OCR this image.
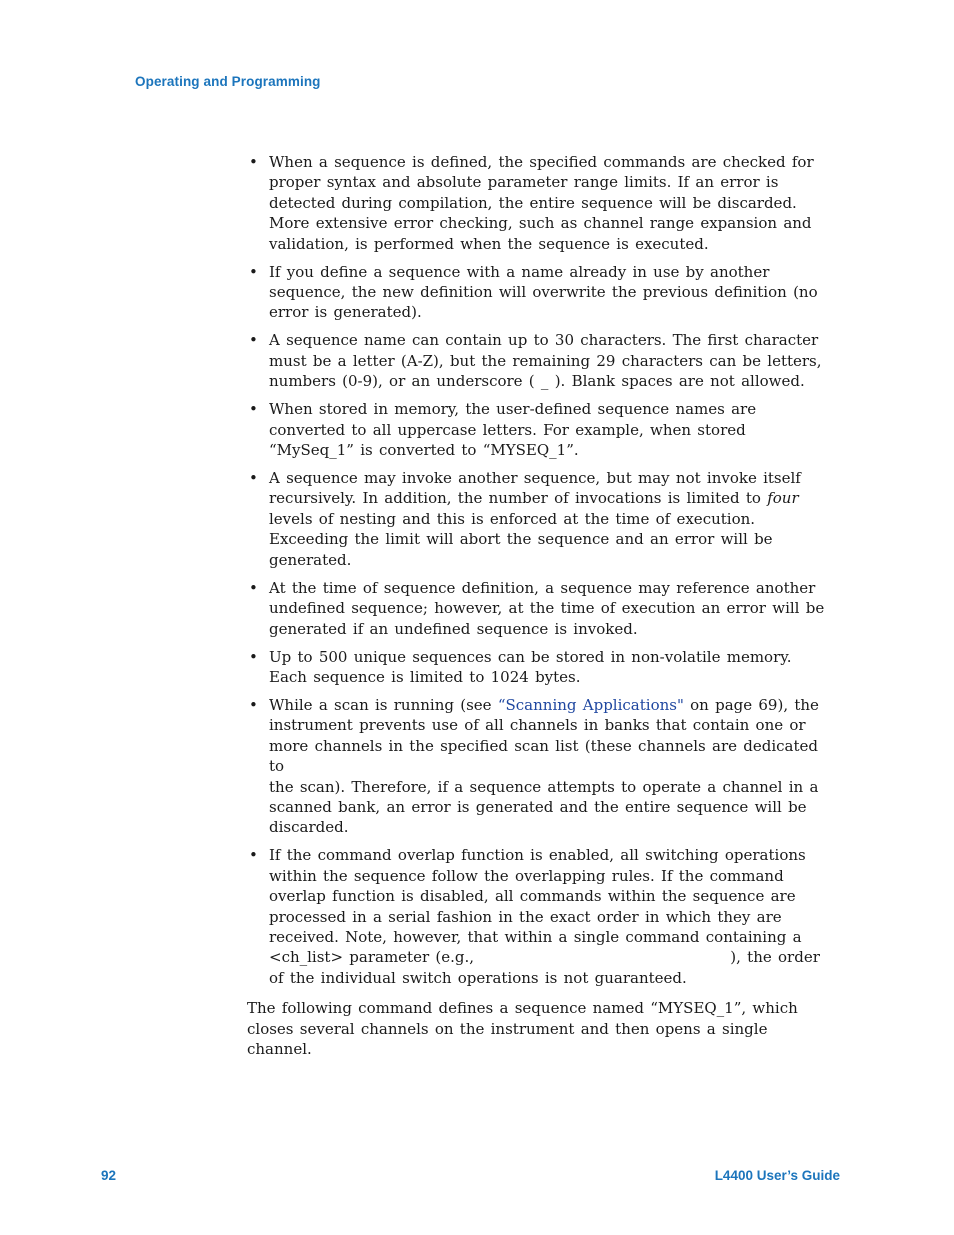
Operating and Programming
• When a sequence is defined, the specified commands are checked for proper syntax and absolute parameter range limits. If an error is detected during compilation, the entire sequence will be discarded. More extensive error checking, such as channel range expansion and validation, is performed when the sequence is executed.
• If you define a sequence with a name already in use by another sequence, the new definition will overwrite the previous definition (no error is generated).
• A sequence name can contain up to 30 characters. The first character must be a letter (A-Z), but the remaining 29 characters can be letters, numbers (0-9), or an underscore ( _ ). Blank spaces are not allowed.
• When stored in memory, the user-defined sequence names are converted to all uppercase letters. For example, when stored “MySeq_1” is converted to “MYSEQ_1”.
• A sequence may invoke another sequence, but may not invoke itself recursively. In addition, the number of invocations is limited to four levels of nesting and this is enforced at the time of execution. Exceeding the limit will abort the sequence and an error will be generated.
• At the time of sequence definition, a sequence may reference another undefined sequence; however, at the time of execution an error will be generated if an undefined sequence is invoked.
• Up to 500 unique sequences can be stored in non-volatile memory. Each sequence is limited to 1024 bytes.
• While a scan is running (see “Scanning Applications" on page 69), the instrument prevents use of all channels in banks that contain one or more channels in the specified scan list (these channels are dedicated to
the scan). Therefore, if a sequence attempts to operate a channel in a scanned bank, an error is generated and the entire sequence will be discarded.
• If the command overlap function is enabled, all switching operations within the sequence follow the overlapping rules. If the command overlap function is disabled, all commands within the sequence are processed in a serial fashion in the exact order in which they are received. Note, however, that within a single command containing a <ch_list> parameter (e.g.,	), the order of the individual switch operations is not guaranteed.

The following command defines a sequence named “MYSEQ_1”, which closes several channels on the instrument and then opens a single channel.

92	L4400 User’s Guide
